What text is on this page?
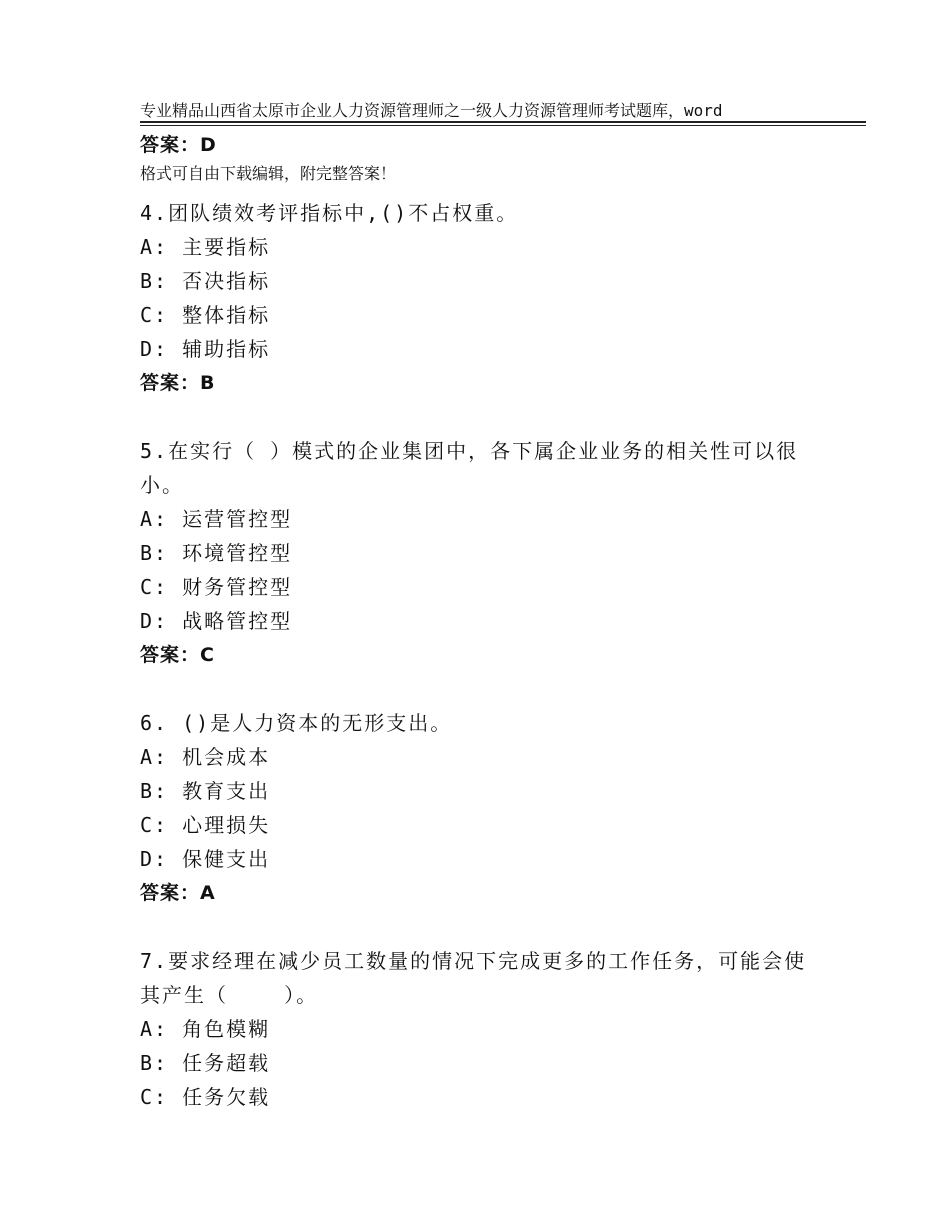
专业精品山西省太原市企业人力资源管理师之一级人力资源管理师考试题库，word

格式可自由下载编辑，附完整答案！

答案：D
4.团队绩效考评指标中,()不占权重。
A: 主要指标
B: 否决指标
C: 整体指标
D: 辅助指标
答案：B
5.在实行（ ）模式的企业集团中，各下属企业业务的相关性可以很
小。
A: 运营管控型
B: 环境管控型
C: 财务管控型
D: 战略管控型
答案：C
6. ()是人力资本的无形支出。
A: 机会成本
B: 教育支出
C: 心理损失
D: 保健支出
答案：A
7.要求经理在减少员工数量的情况下完成更多的工作任务，可能会使
其产生（    ）。
A: 角色模糊
B: 任务超载
C: 任务欠载
